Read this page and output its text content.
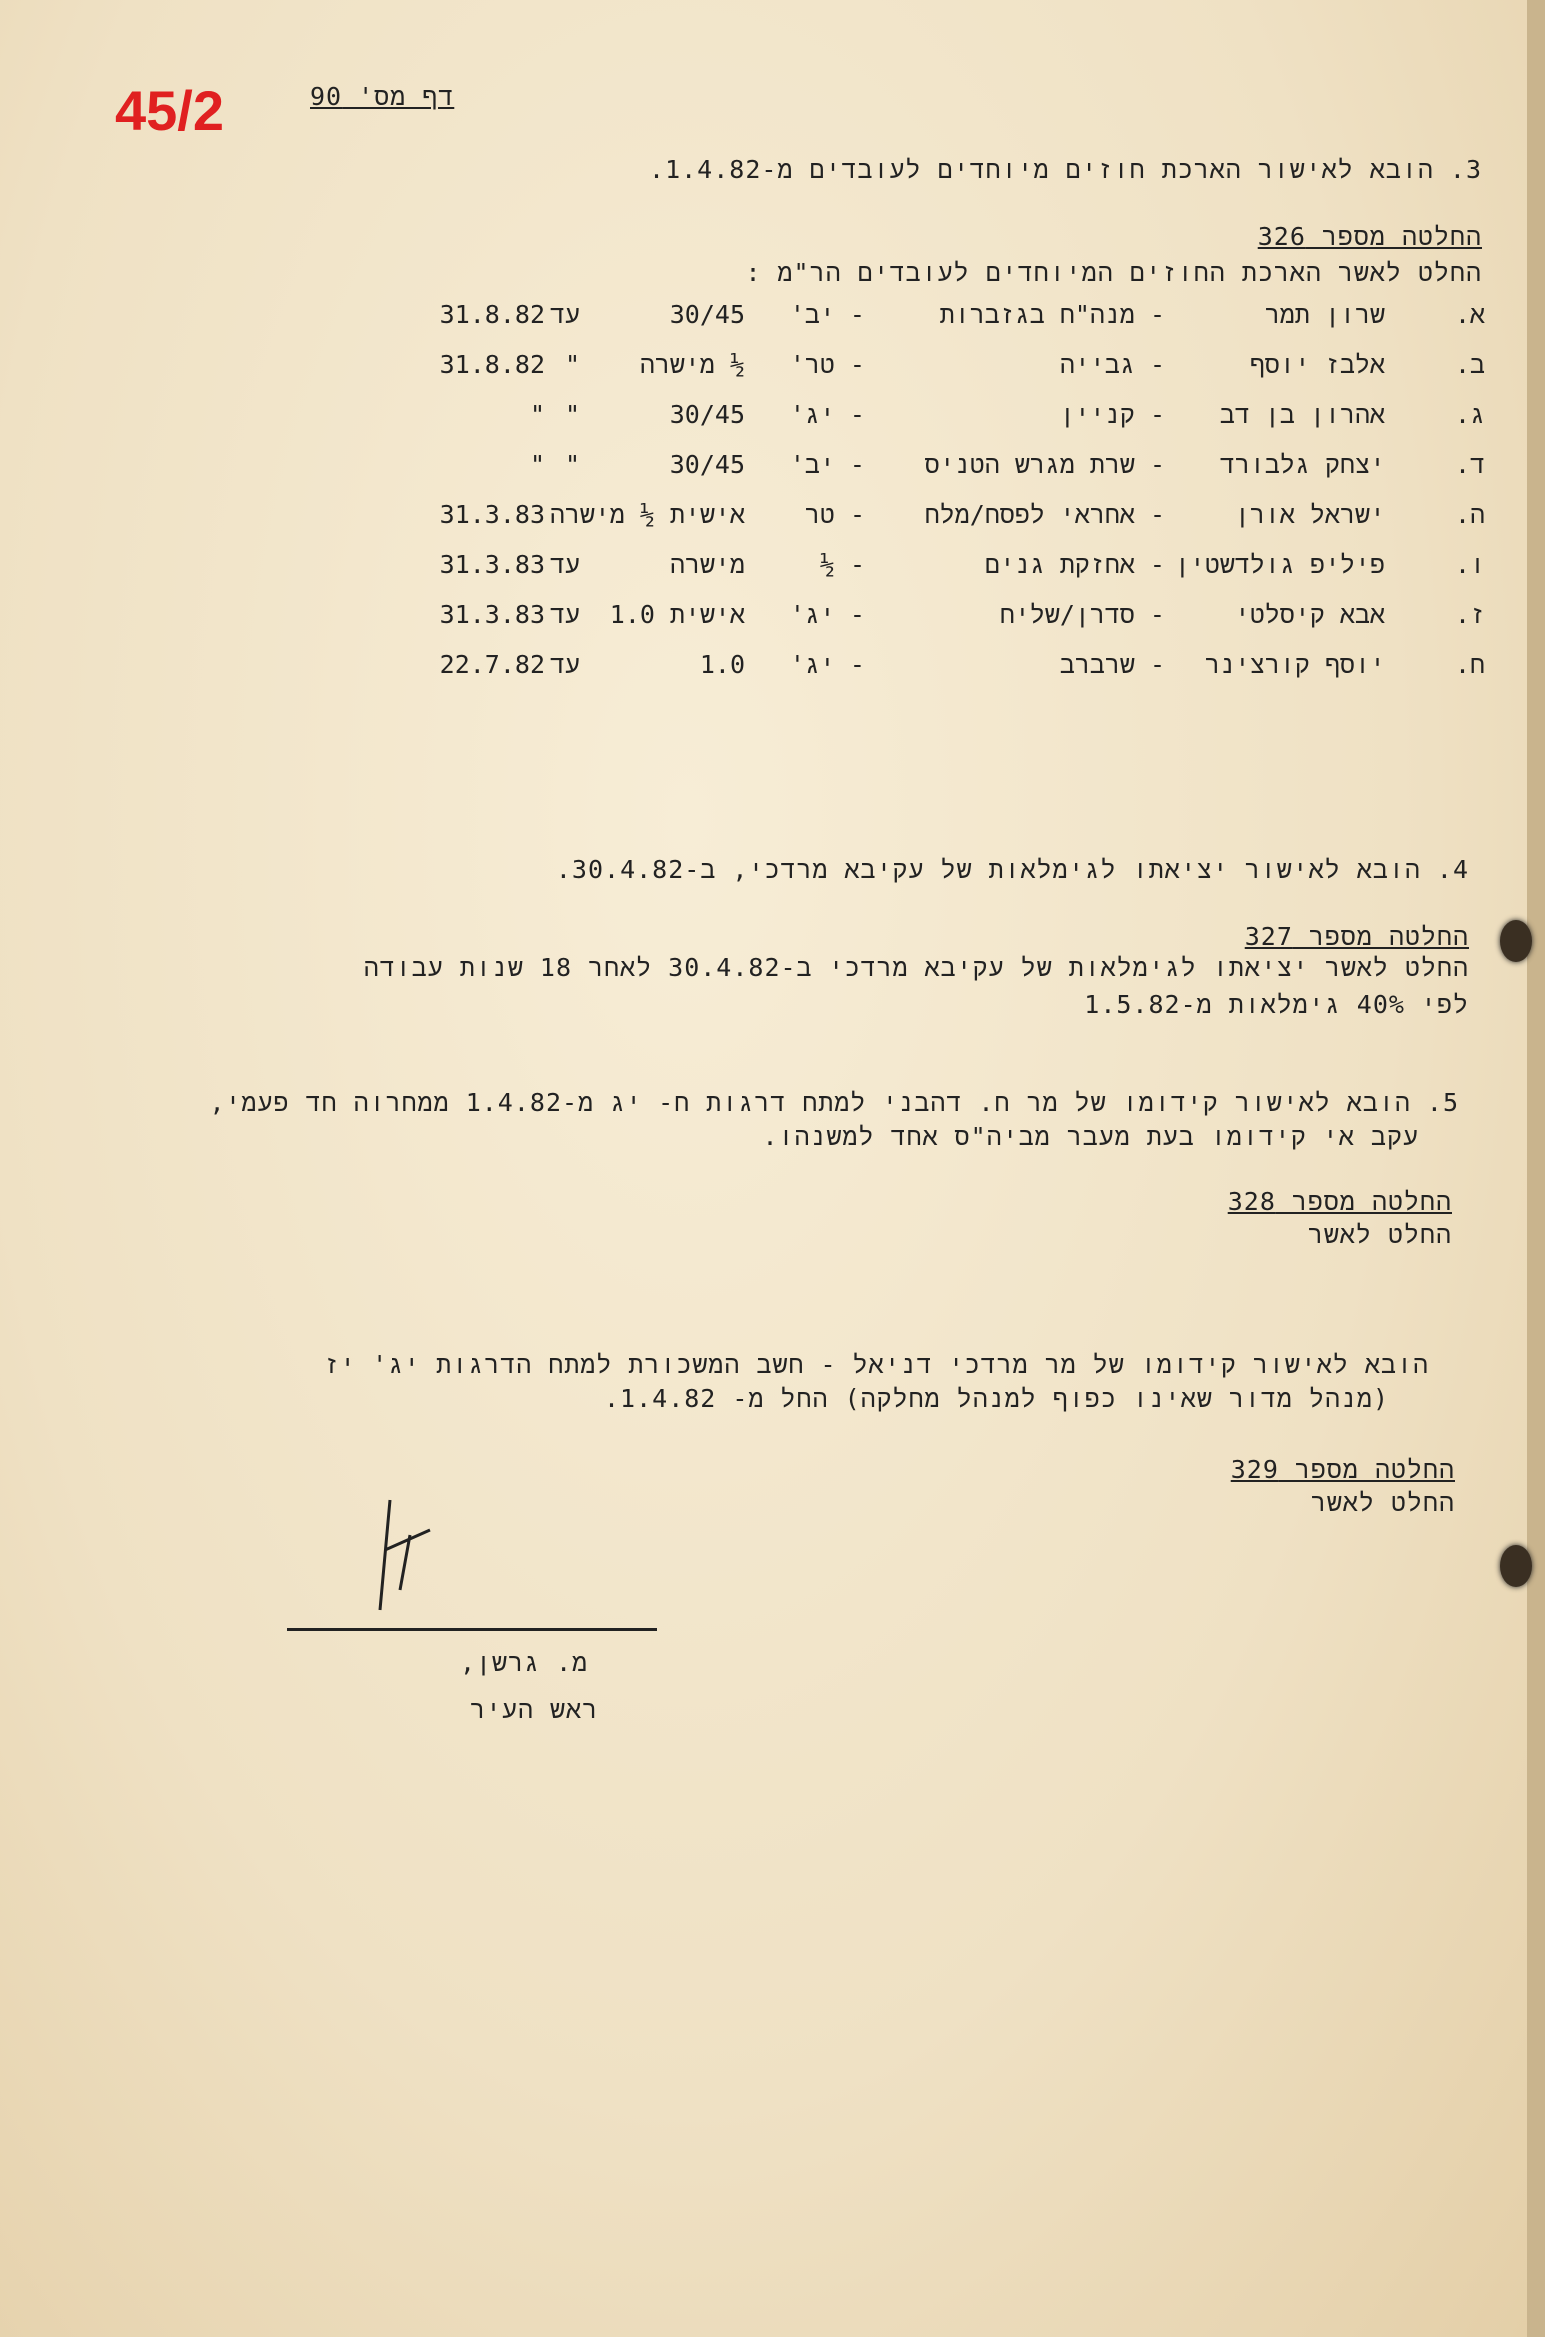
45/2	דף מס' 90
3. הובא לאישור הארכת חוזים מיוחדים לעובדים מ-1.4.82.
החלטה מספר 326
החלט לאשר הארכת החוזים המיוחדים לעובדים הר"מ :
א.
שרון תמר
- מנה"ח בגזברות
- יב'
30/45
עד
31.8.82
ב.
אלבז יוסף
- גבייה
- טר'
½ מישרה
"
31.8.82
ג.
אהרון בן דב
- קניין
- יג'
30/45
"
"
ד.
יצחק גלבורד
- שרת מגרש הטניס
- יב'
30/45
"
"
ה.
ישראל אורן
- אחראי לפסח/מלח
- טר
אישית ½ מישרה
31.3.83
ו.
פיליפ גולדשטין
- אחזקת גנים
- ½
מישרה
עד
31.3.83
ז.
אבא קיסלטי
- סדרן/שליח
- יג'
אישית 1.0
עד
31.3.83
ח.
יוסף קורצינר
- שרברב
- יג'
1.0
עד
22.7.82
4. הובא לאישור יציאתו לגימלאות של עקיבא מרדכי, ב-30.4.82.
החלטה מספר 327
החלט לאשר יציאתו לגימלאות של עקיבא מרדכי ב-30.4.82 לאחר 18 שנות עבודה
לפי 40% גימלאות מ-1.5.82
5. הובא לאישור קידומו של מר ח. דהבני למתח דרגות ח- יג מ-1.4.82 ממחרוה חד פעמי,
עקב אי קידומו בעת מעבר מביה"ס אחד למשנהו.
החלטה מספר 328
החלט לאשר
הובא לאישור קידומו של מר מרדכי דניאל - חשב המשכורת למתח הדרגות יג' יז
(מנהל מדור שאינו כפוף למנהל מחלקה) החל מ- 1.4.82.
החלטה מספר 329
החלט לאשר
מ. גרשן,
ראש העיר
